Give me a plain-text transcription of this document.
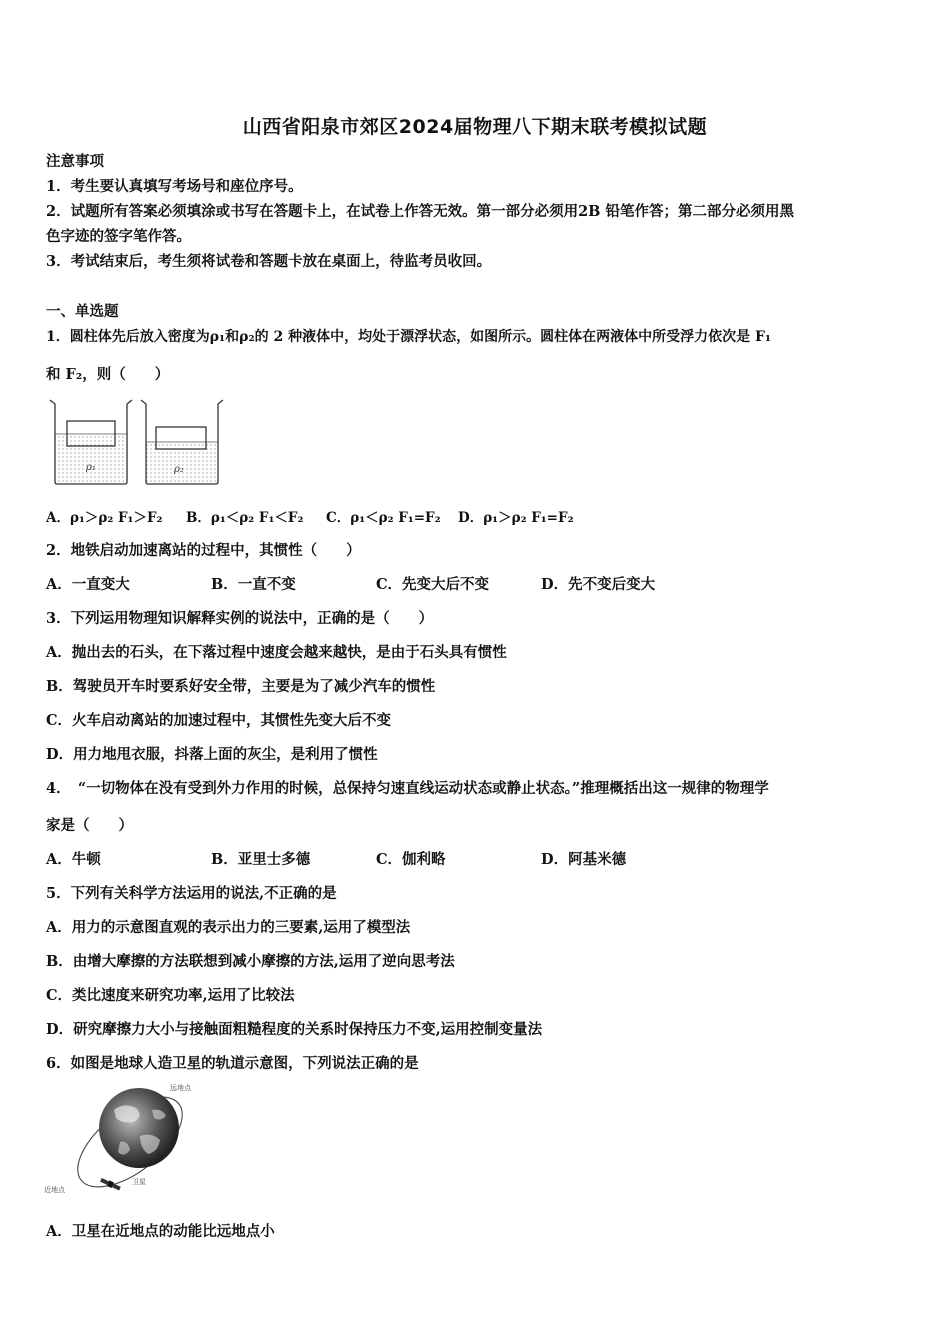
山西省阳泉市郊区2024届物理八下期末联考模拟试题
注意事项
1．考生要认真填写考场号和座位序号。
2．试题所有答案必须填涂或书写在答题卡上，在试卷上作答无效。第一部分必须用2B 铅笔作答；第二部分必须用黑
色字迹的签字笔作答。
3．考试结束后，考生须将试卷和答题卡放在桌面上，待监考员收回。
一、单选题
1．圆柱体先后放入密度为ρ₁和ρ₂的 2 种液体中，均处于漂浮状态，如图所示。圆柱体在两液体中所受浮力依次是 F₁
和 F₂，则（　　）
ρ₁	ρ₂
A．ρ₁＞ρ₂ F₁＞F₂ B．ρ₁＜ρ₂ F₁＜F₂ C．ρ₁＜ρ₂ F₁=F₂ D．ρ₁＞ρ₂ F₁=F₂
2．地铁启动加速离站的过程中，其惯性（　　）
A．一直变大	B．一直不变	C．先变大后不变	D．先不变后变大
3．下列运用物理知识解释实例的说法中，正确的是（　　）
A．抛出去的石头，在下落过程中速度会越来越快，是由于石头具有惯性
B．驾驶员开车时要系好安全带，主要是为了减少汽车的惯性
C．火车启动离站的加速过程中，其惯性先变大后不变
D．用力地甩衣服，抖落上面的灰尘，是利用了惯性
4．　“一切物体在没有受到外力作用的时候，总保持匀速直线运动状态或静止状态。”推理概括出这一规律的物理学
家是（　　）
A．牛顿	B．亚里士多德	C．伽利略	D．阿基米德
5．下列有关科学方法运用的说法,不正确的是
A．用力的示意图直观的表示出力的三要素,运用了模型法
B．由增大摩擦的方法联想到减小摩擦的方法,运用了逆向思考法
C．类比速度来研究功率,运用了比较法
D．研究摩擦力大小与接触面粗糙程度的关系时保持压力不变,运用控制变量法
6．如图是地球人造卫星的轨道示意图，下列说法正确的是
远地点
近地点
卫星
A．卫星在近地点的动能比远地点小
